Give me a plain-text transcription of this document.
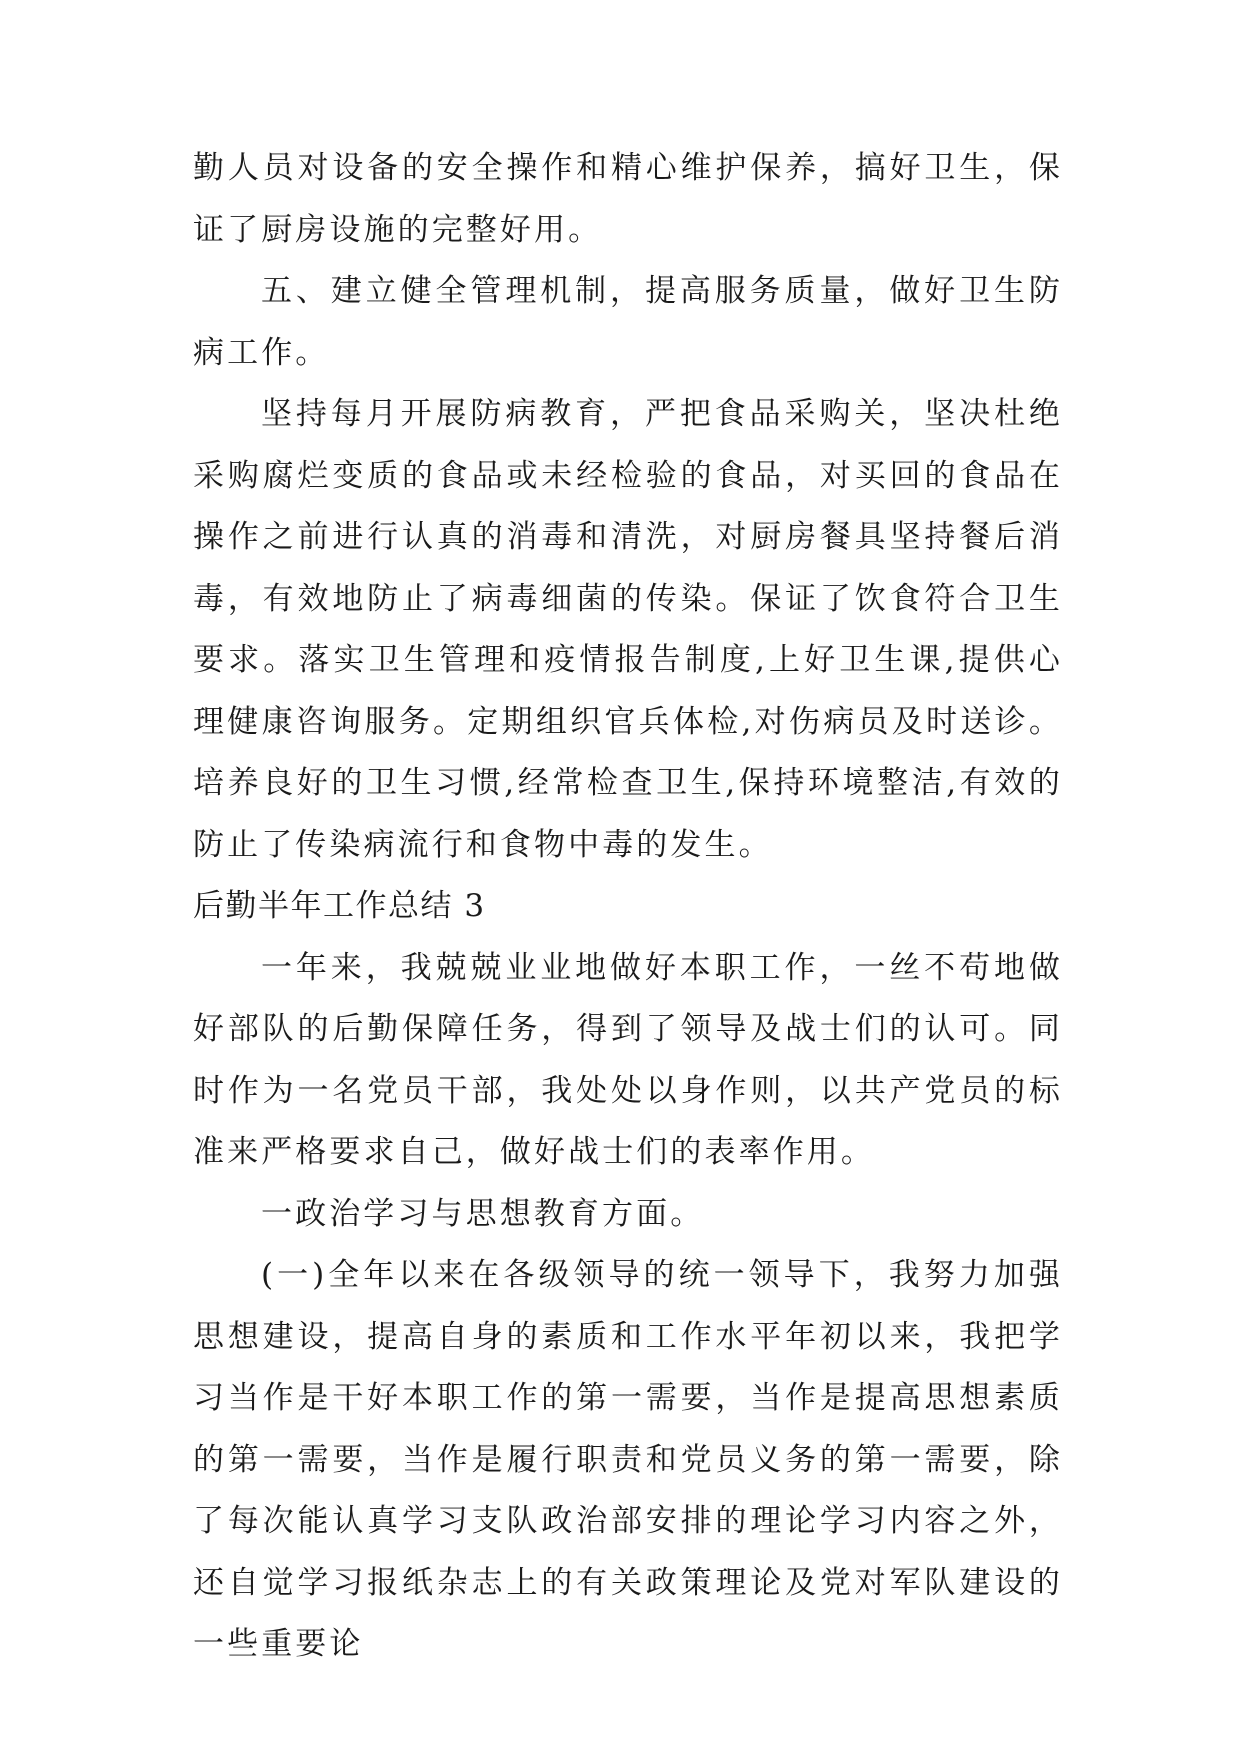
勤人员对设备的安全操作和精心维护保养，搞好卫生，保证了厨房设施的完整好用。

五、建立健全管理机制，提高服务质量，做好卫生防病工作。

坚持每月开展防病教育，严把食品采购关，坚决杜绝采购腐烂变质的食品或未经检验的食品，对买回的食品在操作之前进行认真的消毒和清洗，对厨房餐具坚持餐后消毒，有效地防止了病毒细菌的传染。保证了饮食符合卫生要求。落实卫生管理和疫情报告制度,上好卫生课,提供心理健康咨询服务。定期组织官兵体检,对伤病员及时送诊。培养良好的卫生习惯,经常检查卫生,保持环境整洁,有效的防止了传染病流行和食物中毒的发生。

后勤半年工作总结 3

一年来，我兢兢业业地做好本职工作，一丝不苟地做好部队的后勤保障任务，得到了领导及战士们的认可。同时作为一名党员干部，我处处以身作则，以共产党员的标准来严格要求自己，做好战士们的表率作用。

一政治学习与思想教育方面。

(一)全年以来在各级领导的统一领导下，我努力加强思想建设，提高自身的素质和工作水平年初以来，我把学习当作是干好本职工作的第一需要，当作是提高思想素质的第一需要，当作是履行职责和党员义务的第一需要，除了每次能认真学习支队政治部安排的理论学习内容之外，还自觉学习报纸杂志上的有关政策理论及党对军队建设的一些重要论
